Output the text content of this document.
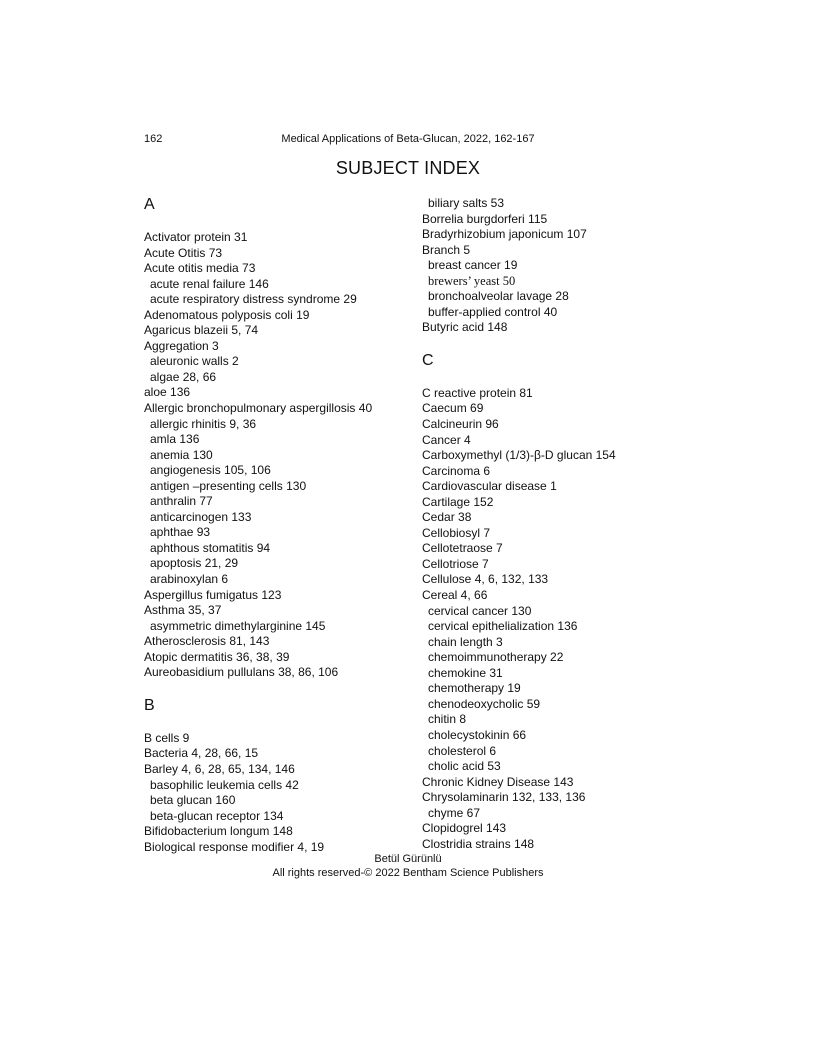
162	Medical Applications of Beta-Glucan, 2022, 162-167
SUBJECT INDEX
A
Activator protein 31
Acute Otitis 73
Acute otitis media 73
acute renal failure 146
acute respiratory distress syndrome 29
Adenomatous polyposis coli 19
Agaricus blazeii 5, 74
Aggregation 3
aleuronic walls 2
algae 28, 66
aloe 136
Allergic bronchopulmonary aspergillosis 40
allergic rhinitis 9, 36
amla 136
anemia 130
angiogenesis 105, 106
antigen –presenting cells 130
anthralin 77
anticarcinogen 133
aphthae 93
aphthous stomatitis 94
apoptosis 21, 29
arabinoxylan 6
Aspergillus fumigatus 123
Asthma 35, 37
asymmetric dimethylarginine 145
Atherosclerosis 81, 143
Atopic dermatitis 36, 38, 39
Aureobasidium pullulans 38, 86, 106
B
B cells 9
Bacteria 4, 28, 66, 15
Barley 4, 6, 28, 65, 134, 146
basophilic leukemia cells 42
beta glucan 160
beta-glucan receptor 134
Bifidobacterium longum 148
Biological response modifier 4, 19
biliary salts 53
Borrelia burgdorferi 115
Bradyrhizobium japonicum 107
Branch 5
breast cancer 19
brewers’ yeast 50
bronchoalveolar lavage 28
buffer-applied control 40
Butyric acid 148
C
C reactive protein 81
Caecum 69
Calcineurin 96
Cancer 4
Carboxymethyl (1/3)-β-D glucan 154
Carcinoma 6
Cardiovascular disease 1
Cartilage 152
Cedar 38
Cellobiosyl 7
Cellotetraose 7
Cellotriose 7
Cellulose 4, 6, 132, 133
Cereal 4, 66
cervical cancer 130
cervical epithelialization 136
chain length 3
chemoimmunotherapy 22
chemokine 31
chemotherapy 19
chenodeoxycholic 59
chitin 8
cholecystokinin 66
cholesterol 6
cholic acid 53
Chronic Kidney Disease 143
Chrysolaminarin 132, 133, 136
chyme 67
Clopidogrel 143
Clostridia strains 148
Betül Gürünlü
All rights reserved-© 2022 Bentham Science Publishers
